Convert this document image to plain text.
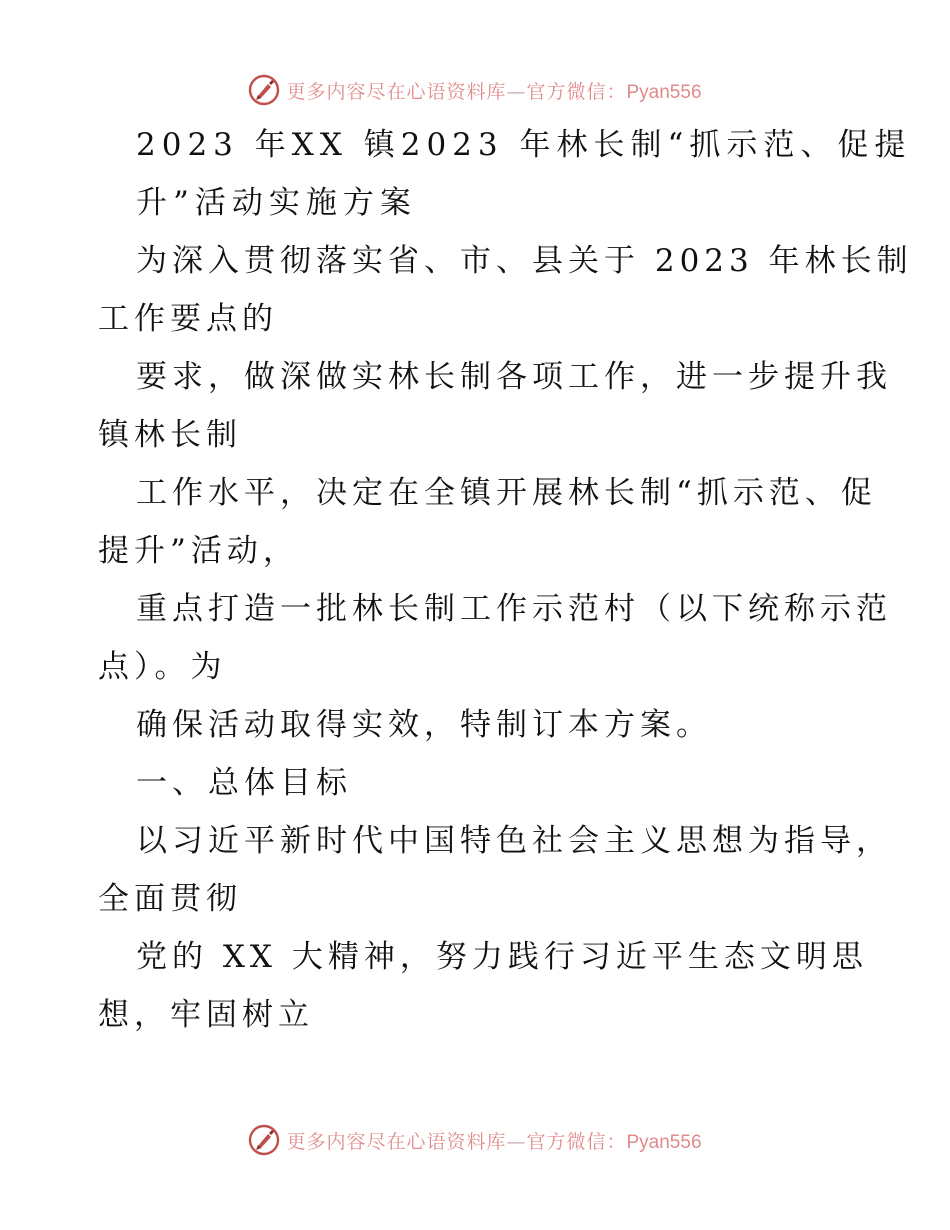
更多内容尽在心语资料库—官方微信：Pyan556
2023 年XX 镇2023 年林长制“抓示范、促提
升”活动实施方案
为深入贯彻落实省、市、县关于 2023 年林长制
工作要点的
要求，做深做实林长制各项工作，进一步提升我
镇林长制
工作水平，决定在全镇开展林长制“抓示范、促
提升”活动，
重点打造一批林长制工作示范村（以下统称示范
点）。为
确保活动取得实效，特制订本方案。
一、总体目标
以习近平新时代中国特色社会主义思想为指导，
全面贯彻
党的 XX 大精神，努力践行习近平生态文明思
想，牢固树立
更多内容尽在心语资料库—官方微信：Pyan556
